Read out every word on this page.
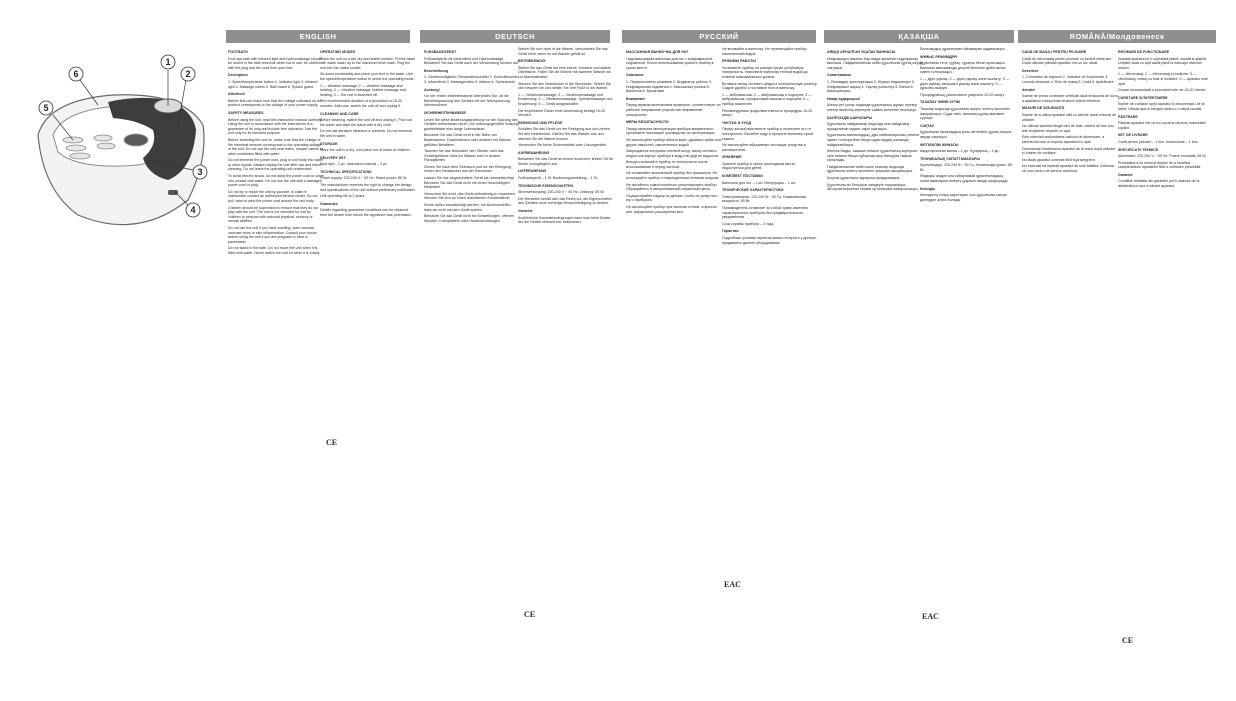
1
2
3
4
5
6
ENGLISH	DEUTSCH	РУССКИЙ	ҚАЗАҚША	ROMÂNĂ/Молдовенеск

FOOTBATH

Foot spa bath with Infrared light and hydromassage should be stored in the bath reservoir when not in use; be careful with the plug and the cord from your feet.

Description

1. Speed/temperature button 2. Indicator light 3. Infrared light 4. Massage rollers 5. Bath basin 6. Splash guard

Attention!

Before first use make sure that the voltage indicated on the product corresponds to the voltage of your power supply.

SAFETY MEASURES

Before using the unit, read this instruction manual carefully. Using the unit in accordance with the instructions is a guarantee of its long and trouble-free operation. Use the unit only for its intended purpose.

Before switching the unit on, make sure that the voltage of the electrical network corresponds to the operating voltage of the unit. Do not use the unit near baths, shower cabins or other containers filled with water.

Do not immerse the power cord, plug or unit body into water or other liquids. Always unplug the unit after use and before cleaning. Do not leave the operating unit unattended.

To avoid electric shock, do not allow the power cord to come into contact with water. Do not use the unit with a damaged power cord or plug.

Do not try to repair the unit by yourself. In case of malfunction contact an authorized service center. Do not pull, twist or wind the power cord around the unit body.

Children should be supervised to ensure that they do not play with the unit. The unit is not intended for use by children or persons with reduced physical, sensory or mental abilities.

Do not use the unit if you have swelling, open wounds, varicose veins or skin inflammation. Consult your doctor before using the unit if you are pregnant or have a pacemaker.

Do not stand in the bath. Do not move the unit when it is filled with water. Never switch the unit on when it is empty.

OPERATING MODES

Place the unit on a flat, dry and stable surface. Fill the basin with warm water up to the maximum level mark. Plug the unit into the mains socket.

Sit down comfortably and place your feet in the basin. Use the speed/temperature button to select the operating mode:

1 — vibration massage; 2 — vibration massage and heating; 3 — vibration massage, bubble massage and heating; 0 — the unit is switched off.

The recommended duration of a procedure is 15-20 minutes. After use, switch the unit off and unplug it.

CLEANING AND CARE

Before cleaning, switch the unit off and unplug it. Pour out the water and wipe the basin with a dry cloth.

Do not use abrasive cleaners or solvents. Do not immerse the unit in water.

STORAGE

Store the unit in a dry, cool place out of reach of children.

DELIVERY SET

Foot spa – 1 pc. Instruction manual – 1 pc.

TECHNICAL SPECIFICATIONS

Power supply: 220-240 V ~ 50 Hz. Rated power: 85 W.

The manufacturer reserves the right to change the design and specifications of the unit without preliminary notification.

Unit operating life is 2 years.

Guarantee

Details regarding guarantee conditions can be obtained from the dealer from whom the appliance was purchased.

FUSSBADEGERÄT

Fußbadegerät mit Infrarotlicht und Hydromassage. Bewahren Sie das Gerät nach der Verwendung trocken auf.

Beschreibung

1. Geschwindigkeits-/Temperaturschalter 2. Kontrollleuchte 3. Infrarotlicht 4. Massagerollen 5. Wanne 6. Spritzschutz

Achtung!

Vor der ersten Inbetriebnahme überprüfen Sie, ob die Betriebsspannung des Gerätes mit der Netzspannung übereinstimmt.

SICHERHEITSHINWEISE

Lesen Sie diese Bedienungsanleitung vor der Nutzung des Gerätes aufmerksam durch. Die ordnungsgemäße Nutzung gewährleistet eine lange Lebensdauer.

Benutzen Sie das Gerät nicht in der Nähe von Badewannen, Duschkabinen oder anderen mit Wasser gefüllten Behältern.

Tauchen Sie das Netzkabel, den Stecker oder das Gerätegehäuse nicht ins Wasser oder in andere Flüssigkeiten.

Ziehen Sie nach dem Gebrauch und vor der Reinigung immer den Netzstecker aus der Steckdose.

Lassen Sie das eingeschaltete Gerät nie unbeaufsichtigt. Benutzen Sie das Gerät nicht mit einem beschädigten Netzkabel.

Versuchen Sie nicht, das Gerät selbständig zu reparieren. Wenden Sie sich an einen autorisierten Kundendienst.

Kinder sollen beaufsichtigt werden, um sicherzustellen, dass sie nicht mit dem Gerät spielen.

Benutzen Sie das Gerät nicht bei Schwellungen, offenen Wunden, Krampfadern oder Hautentzündungen.

Stellen Sie sich nicht in die Wanne. Verschieben Sie das Gerät nicht, wenn es mit Wasser gefüllt ist.

BETRIEBSMODI

Stellen Sie das Gerät auf eine ebene, trockene und stabile Oberfläche. Füllen Sie die Wanne mit warmem Wasser bis zur Maximalmarke.

Stecken Sie den Netzstecker in die Steckdose. Setzen Sie sich bequem hin und stellen Sie Ihre Füße in die Wanne.

1 — Vibrationsmassage; 2 — Vibrationsmassage und Erwärmung; 3 — Vibrationsmassage, Sprudelmassage und Erwärmung; 0 — Gerät ausgeschaltet.

Die empfohlene Dauer einer Anwendung beträgt 15-20 Minuten.

REINIGUNG UND PFLEGE

Schalten Sie das Gerät vor der Reinigung aus und ziehen Sie den Netzstecker. Gießen Sie das Wasser aus und wischen Sie die Wanne trocken.

Verwenden Sie keine Scheuermittel oder Lösungsmittel.

AUFBEWAHRUNG

Bewahren Sie das Gerät an einem trockenen, kühlen Ort für Kinder unzugänglich auf.

LIEFERUMFANG

Fußbadegerät – 1 St. Bedienungsanleitung – 1 St.

TECHNISCHE EIGENSCHAFTEN

Stromversorgung: 220-240 V ~ 50 Hz. Leistung: 85 W.

Der Hersteller behält sich das Recht vor, die Eigenschaften des Gerätes ohne vorherige Benachrichtigung zu ändern.

Garantie

Ausführliche Garantiebedingungen kann man beim Dealer, der die Geräte verkauft hat, bekommen.

МАССАЖНАЯ ВАННОЧКА ДЛЯ НОГ

Гидромассажная ванночка для ног с инфракрасной подсветкой. После использования храните прибор в сухом месте.

Описание

1. Переключатель режимов 2. Индикатор работы 3. Инфракрасная подсветка 4. Массажные ролики 5. Ванночка 6. Брызговик

Внимание!

Перед первым включением проверьте, соответствует ли рабочее напряжение устройства напряжению электросети.

МЕРЫ БЕЗОПАСНОСТИ

Перед началом эксплуатации прибора внимательно прочитайте настоящее руководство по эксплуатации.

Не используйте прибор вблизи ванн, душевых кабин или других емкостей, наполненных водой.

Запрещается погружать сетевой шнур, вилку сетевого шнура или корпус прибора в воду или другие жидкости.

Всегда отключайте прибор от электросети после использования и перед чисткой.

Не оставляйте включенный прибор без присмотра. Не используйте прибор с поврежденным сетевым шнуром.

Не пытайтесь самостоятельно ремонтировать прибор. Обращайтесь в авторизованный сервисный центр.

Осуществляйте надзор за детьми, чтобы не допустить игр с прибором.

Не используйте прибор при наличии отеков, открытых ран, варикозного расширения вен.

Не вставайте в ванночку. Не перемещайте прибор, наполненный водой.

РЕЖИМЫ РАБОТЫ

Установите прибор на ровную сухую устойчивую поверхность. Наполните ванночку теплой водой до отметки максимального уровня.

Вставьте вилку сетевого шнура в электрическую розетку. Сядьте удобно и поставьте ноги в ванночку.

1 — вибромассаж; 2 — вибромассаж и подогрев; 3 — вибромассаж, пузырьковый массаж и подогрев; 0 — прибор выключен.

Рекомендуемая продолжительность процедуры 15-20 минут.

ЧИСТКА И УХОД

Перед чисткой выключите прибор и отключите его от электросети. Вылейте воду и протрите ванночку сухой тканью.

Не используйте абразивные чистящие средства и растворители.

ХРАНЕНИЕ

Храните прибор в сухом прохладном месте, недоступном для детей.

КОМПЛЕКТ ПОСТАВКИ

Ванночка для ног – 1 шт. Инструкция – 1 шт.

ТЕХНИЧЕСКИЕ ХАРАКТЕРИСТИКИ

Электропитание: 220-240 В ~ 50 Гц. Номинальная мощность: 85 Вт.

Производитель оставляет за собой право изменять характеристики приборов без предварительного уведомления.

Срок службы прибора – 2 года.

Гарантия

Подробные условия гарантии можно получить у дилера, продавшего данное оборудование.

АЯҚҚА АРНАЛҒАН УҚАЛАУ ВАННАСЫ

Инфрақызыл жарығы бар аяққа арналған гидроуқалау ваннасы. Пайдаланғаннан кейін құрылғыны құрғақ жерде сақтаңыз.

Сипаттамасы

1. Режимдер ауыстырғышы 2. Жұмыс индикаторы 3. Инфрақызыл жарық 4. Уқалау роликтері 5. Ванна 6. Шашыратқыш

Назар аударыңыз!

Алғаш рет қосар алдында құрылғының жұмыс кернеуі электр желісінің кернеуіне сәйкес келетінін тексеріңіз.

ҚАУІПСІЗДІК ШАРАЛАРЫ

Құрылғыны пайдаланар алдында осы пайдалану нұсқаулығын мұқият оқып шығыңыз.

Құрылғыны ванналардың, душ кабиналарының немесе сумен толтырылған басқа ыдыстардың жанында пайдаланбаңыз.

Желілік бауды, ашасын немесе құрылғының корпусын суға немесе басқа сұйықтықтарға батыруға тыйым салынады.

Пайдаланғаннан кейін және тазалар алдында құрылғыны электр желісінен әрқашан ажыратыңыз.

Қосулы құрылғыны қараусыз қалдырмаңыз.

Құрылғыны өз бетіңізше жөндеуге тырыспаңыз. Авторластырылған сервис орталығына хабарласыңыз.

Балалардың құрылғымен ойнамауын қадағалаңыз.

ЖҰМЫС РЕЖИМДЕРІ

Құрылғыны тегіс, құрғақ, тұрақты бетке орнатыңыз. Ваннаны максималды деңгей белгісіне дейін жылы сумен толтырыңыз.

1 — діріл уқалау; 2 — діріл уқалау және жылыту; 3 — діріл уқалау, көпіршікті уқалау және жылыту; 0 — құрылғы өшірулі.

Процедураның ұсынылатын ұзақтығы 15-20 минут.

ТАЗАЛАУ ЖӘНЕ КҮТІМ

Тазалар алдында құрылғыны өшіріп, электр желісінен ажыратыңыз. Суды төгіп, ваннаны құрғақ матамен сүртіңіз.

САҚТАУ

Құрылғыны балалардың қолы жетпейтін құрғақ салқын жерде сақтаңыз.

ЖЕТКІЗІЛІМ ЖИНАҒЫ

Аяққа арналған ванна – 1 дн. Нұсқаулық – 1 дн.

ТЕХНИКАЛЫҚ СИПАТТАМАЛАРЫ

Қоректендіру: 220-240 В ~ 50 Гц. Номиналды қуаты: 85 Вт.

Өндіруші алдын ала хабарламай құрылғылардың сипаттамаларын өзгерту құқығын өзінде қалдырады.

Кепілдік

Кепілдіктің толық шарттарын осы құрылғыны сатқан дилерден алуға болады.

CADĂ DE MASAJ PENTRU PICIOARE

Cadă de hidromasaj pentru picioare cu lumină infraroșie. După utilizare păstrați aparatul într-un loc uscat.

Descriere

1. Comutator de regimuri 2. Indicator de funcționare 3. Lumină infraroșie 4. Role de masaj 5. Cadă 6. Apărătoare

Atenție!

Înainte de prima conectare verificați dacă tensiunea de lucru a aparatului corespunde tensiunii rețelei electrice.

MĂSURI DE SIGURANȚĂ

Înainte de a utiliza aparatul citiți cu atenție acest manual de utilizare.

Nu utilizați aparatul lângă căzi de baie, cabine de duș sau alte recipiente umplute cu apă.

Este interzisă scufundarea cablului de alimentare, a ștecherului sau a corpului aparatului în apă.

Deconectați întotdeauna aparatul de la rețea după utilizare și înainte de curățare.

Nu lăsați aparatul conectat fără supraveghere.

Nu încercați să reparați aparatul de sine stătător. Adresați-vă unui centru de service autorizat.

REGIMURI DE FUNCȚIONARE

Instalați aparatul pe o suprafață plană, uscată și stabilă. Umpleți cada cu apă caldă până la marcajul nivelului maxim.

1 — vibromasaj; 2 — vibromasaj și încălzire; 3 — vibromasaj, masaj cu bule și încălzire; 0 — aparatul este oprit.

Durata recomandată a procedurii este de 15-20 minute.

CURĂȚARE ȘI ÎNTREȚINERE

Înainte de curățare opriți aparatul și deconectați-l de la rețea. Vărsați apa și ștergeți cada cu o cârpă uscată.

PĂSTRARE

Păstrați aparatul într-un loc uscat și răcoros, inaccesibil copiilor.

SET DE LIVRARE

Cadă pentru picioare – 1 buc. Instrucțiune – 1 buc.

SPECIFICAȚII TEHNICE

Alimentare: 220-240 V ~ 50 Hz. Putere nominală: 85 W.

Producătorul își rezervă dreptul de a modifica caracteristicile aparatelor fără o notificare prealabilă.

Garanție

Condițiile detaliate ale garanției pot fi obținute de la distribuitorul care a vândut aparatul.

CE
CE
EAC
EAC
CE
